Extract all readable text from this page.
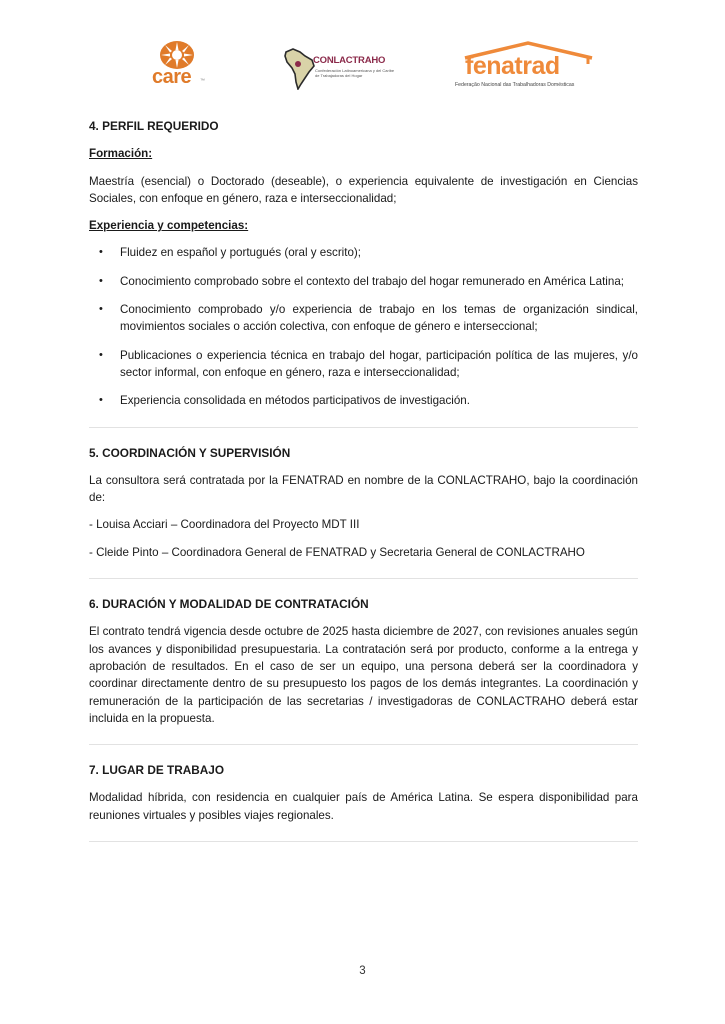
care ™
CONLACTRAHO
Confederación Latinoamericana y del Caribe de Trabajadoras del Hogar	fenatrad
Federação Nacional das Trabalhadoras Domésticas

4. PERFIL REQUERIDO

Formación:

Maestría (esencial) o Doctorado (deseable), o experiencia equivalente de investigación en Ciencias Sociales, con enfoque en género, raza e interseccionalidad;

Experiencia y competencias:

• Fluidez en español y portugués (oral y escrito);
• Conocimiento comprobado sobre el contexto del trabajo del hogar remunerado en América Latina;
• Conocimiento comprobado y/o experiencia de trabajo en los temas de organización sindical, movimientos sociales o acción colectiva, con enfoque de género e interseccional;
• Publicaciones o experiencia técnica en trabajo del hogar, participación política de las mujeres, y/o sector informal, con enfoque en género, raza e interseccionalidad;
• Experiencia consolidada en métodos participativos de investigación.

5. COORDINACIÓN Y SUPERVISIÓN

La consultora será contratada por la FENATRAD en nombre de la CONLACTRAHO, bajo la coordinación de:

- Louisa Acciari – Coordinadora del Proyecto MDT III

- Cleide Pinto – Coordinadora General de FENATRAD y Secretaria General de CONLACTRAHO

6. DURACIÓN Y MODALIDAD DE CONTRATACIÓN

El contrato tendrá vigencia desde octubre de 2025 hasta diciembre de 2027, con revisiones anuales según los avances y disponibilidad presupuestaria. La contratación será por producto, conforme a la entrega y aprobación de resultados. En el caso de ser un equipo, una persona deberá ser la coordinadora y coordinar directamente dentro de su presupuesto los pagos de los demás integrantes. La coordinación y remuneración de la participación de las secretarias / investigadoras de CONLACTRAHO deberá estar incluida en la propuesta.

7. LUGAR DE TRABAJO

Modalidad híbrida, con residencia en cualquier país de América Latina. Se espera disponibilidad para reuniones virtuales y posibles viajes regionales.

3
